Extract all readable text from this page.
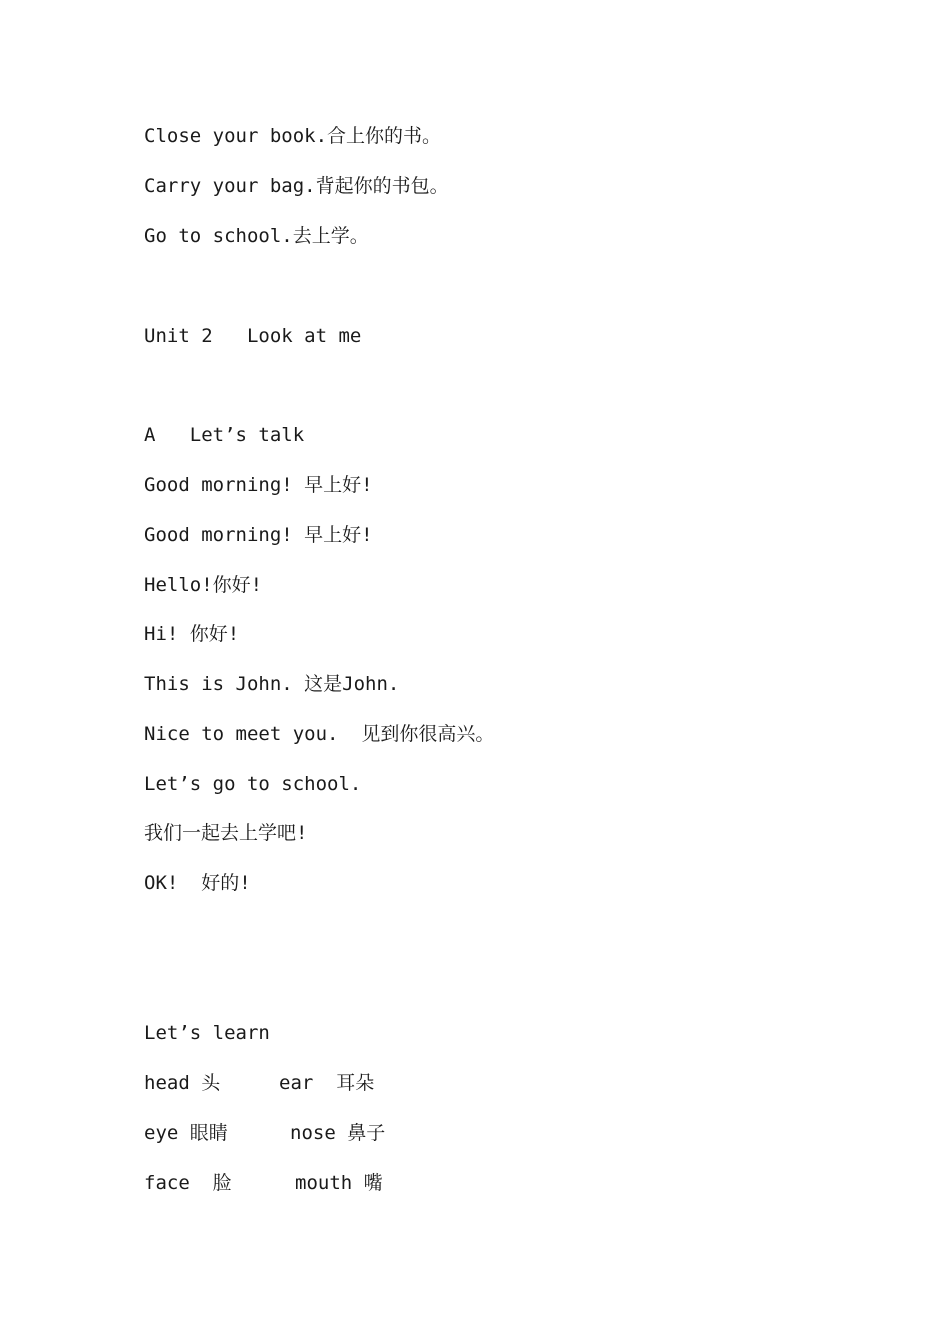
Close your book.合上你的书。
Carry your bag.背起你的书包。
Go to school.去上学。
Unit 2   Look at me
A   Let’s talk
Good morning! 早上好!
Good morning! 早上好!
Hello!你好!
Hi! 你好!
This is John. 这是John.
Nice to meet you.  见到你很高兴。
Let’s go to school.
我们一起去上学吧!
OK!  好的!
Let’s learn
head 头	ear  耳朵
eye 眼睛	nose 鼻子
face  脸	mouth 嘴
